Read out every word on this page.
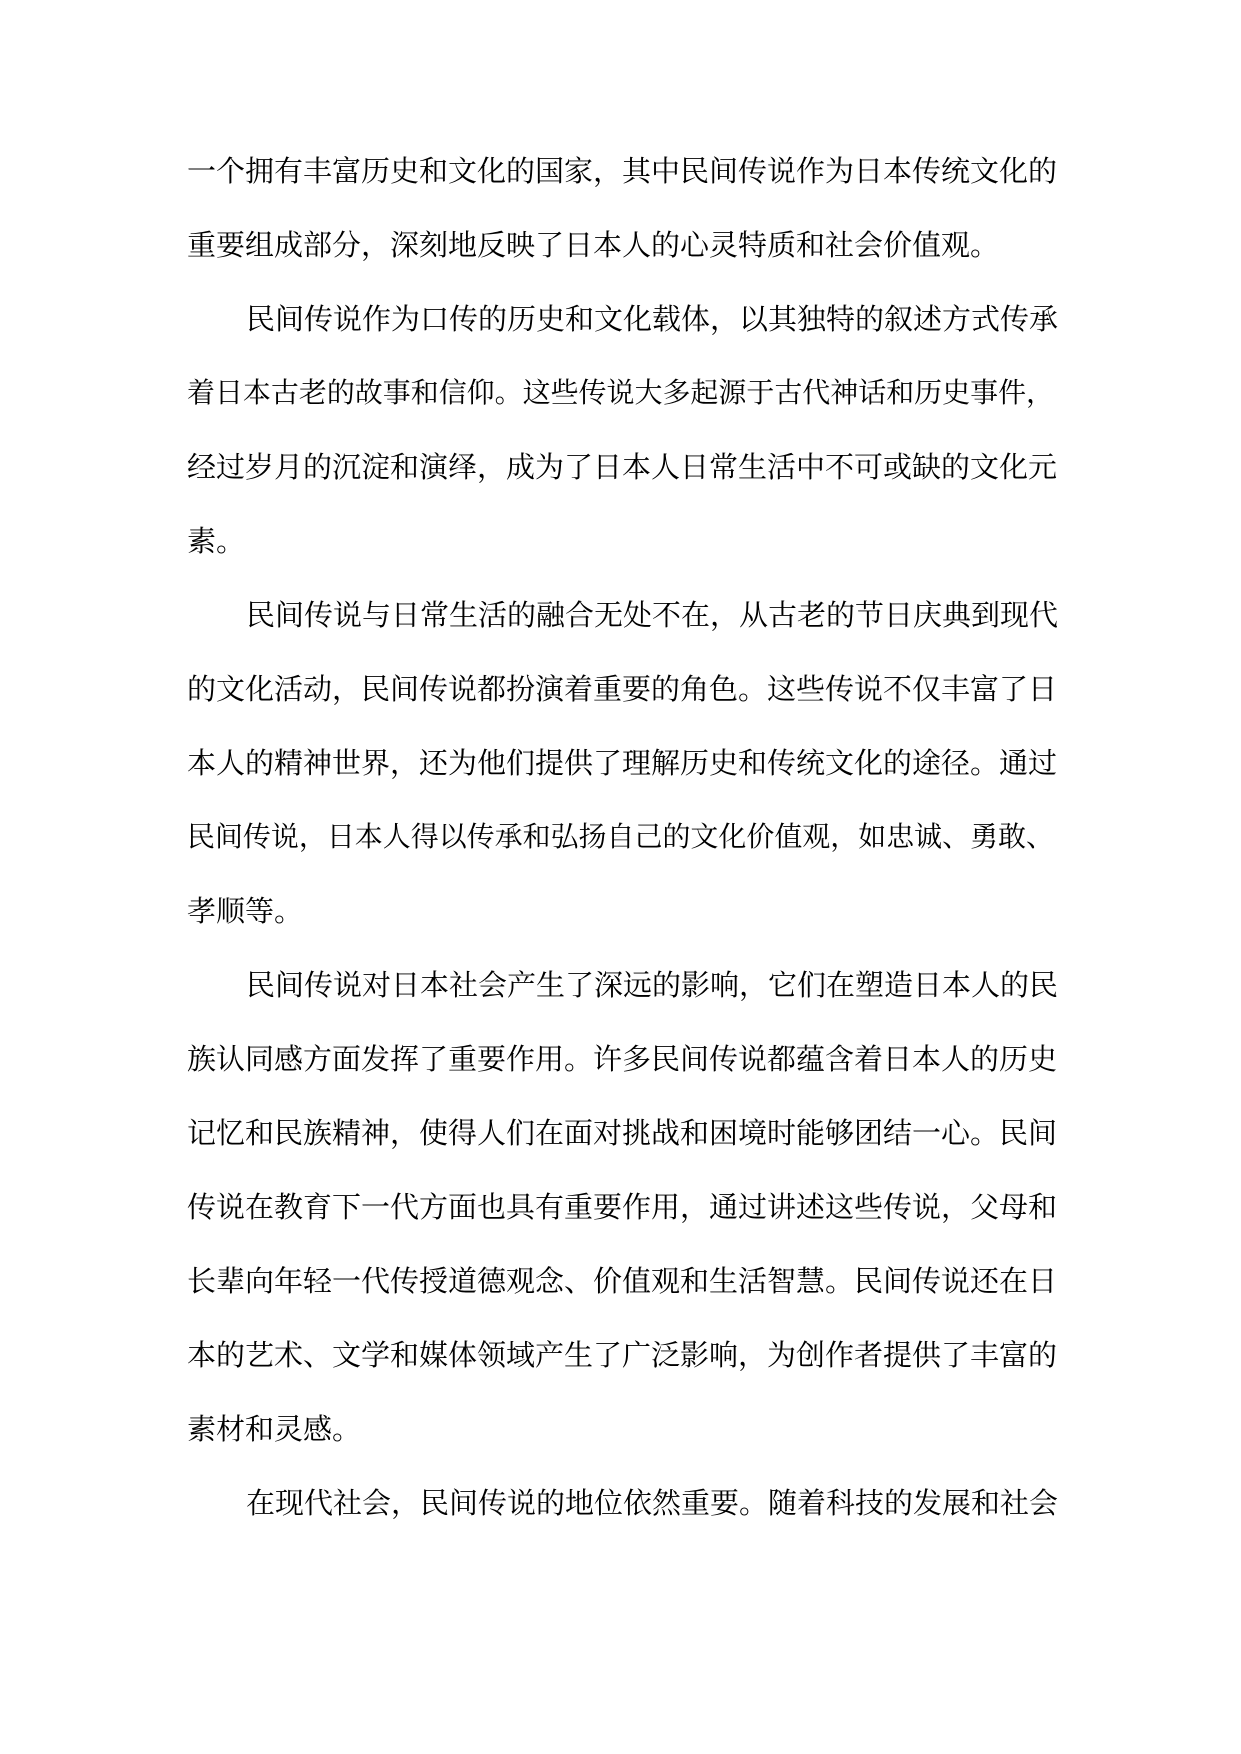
一个拥有丰富历史和文化的国家，其中民间传说作为日本传统文化的

重要组成部分，深刻地反映了日本人的心灵特质和社会价值观。

民间传说作为口传的历史和文化载体，以其独特的叙述方式传承

着日本古老的故事和信仰。这些传说大多起源于古代神话和历史事件，

经过岁月的沉淀和演绎，成为了日本人日常生活中不可或缺的文化元

素。

民间传说与日常生活的融合无处不在，从古老的节日庆典到现代

的文化活动，民间传说都扮演着重要的角色。这些传说不仅丰富了日

本人的精神世界，还为他们提供了理解历史和传统文化的途径。通过

民间传说，日本人得以传承和弘扬自己的文化价值观，如忠诚、勇敢、

孝顺等。

民间传说对日本社会产生了深远的影响，它们在塑造日本人的民

族认同感方面发挥了重要作用。许多民间传说都蕴含着日本人的历史

记忆和民族精神，使得人们在面对挑战和困境时能够团结一心。民间

传说在教育下一代方面也具有重要作用，通过讲述这些传说，父母和

长辈向年轻一代传授道德观念、价值观和生活智慧。民间传说还在日

本的艺术、文学和媒体领域产生了广泛影响，为创作者提供了丰富的

素材和灵感。

在现代社会，民间传说的地位依然重要。随着科技的发展和社会
